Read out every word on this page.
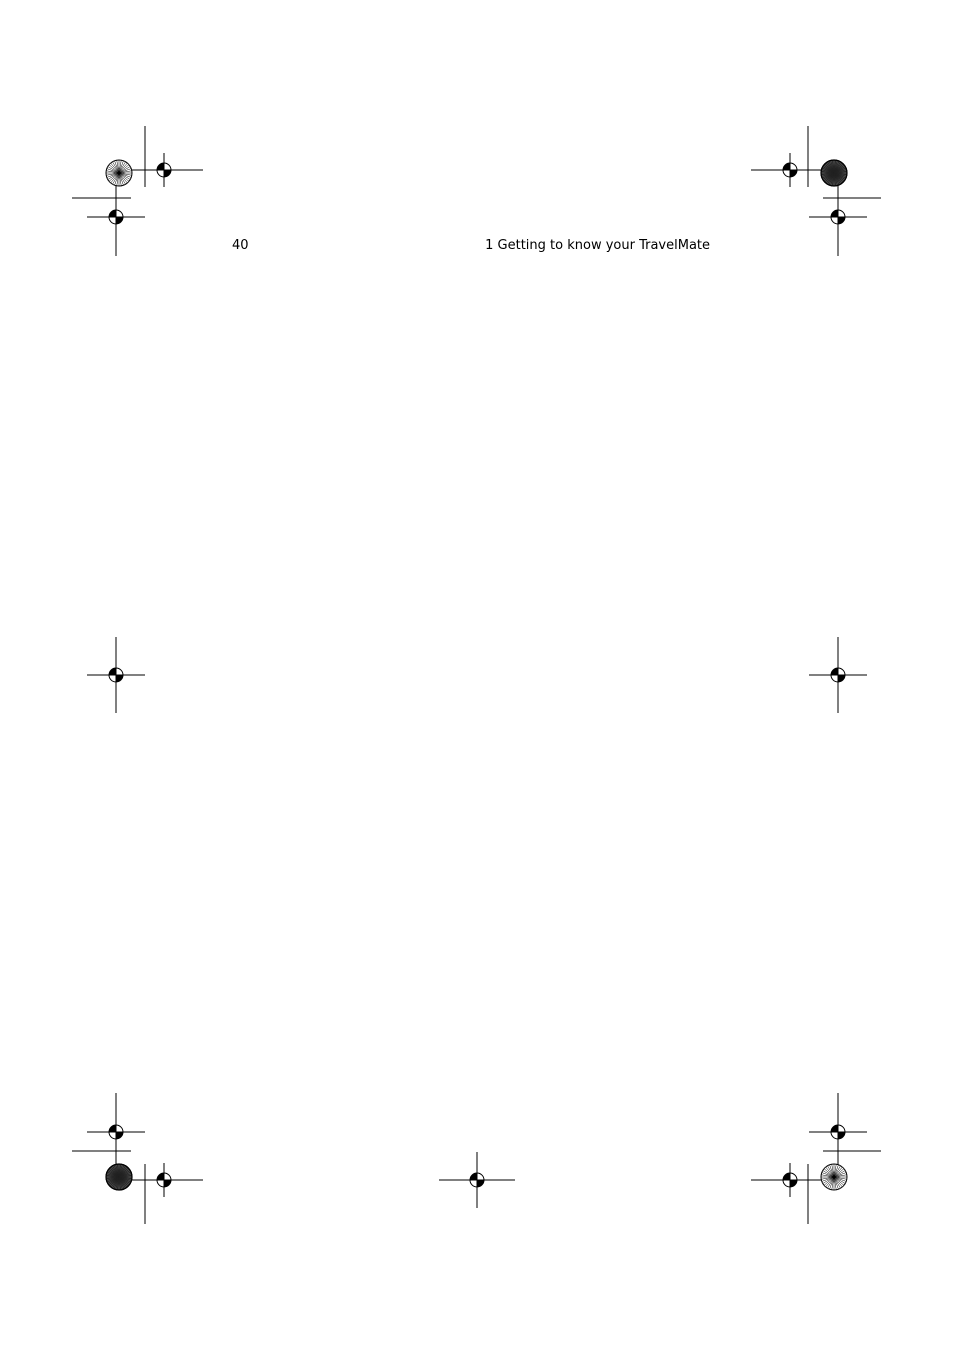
40	1 Getting to know your TravelMate
